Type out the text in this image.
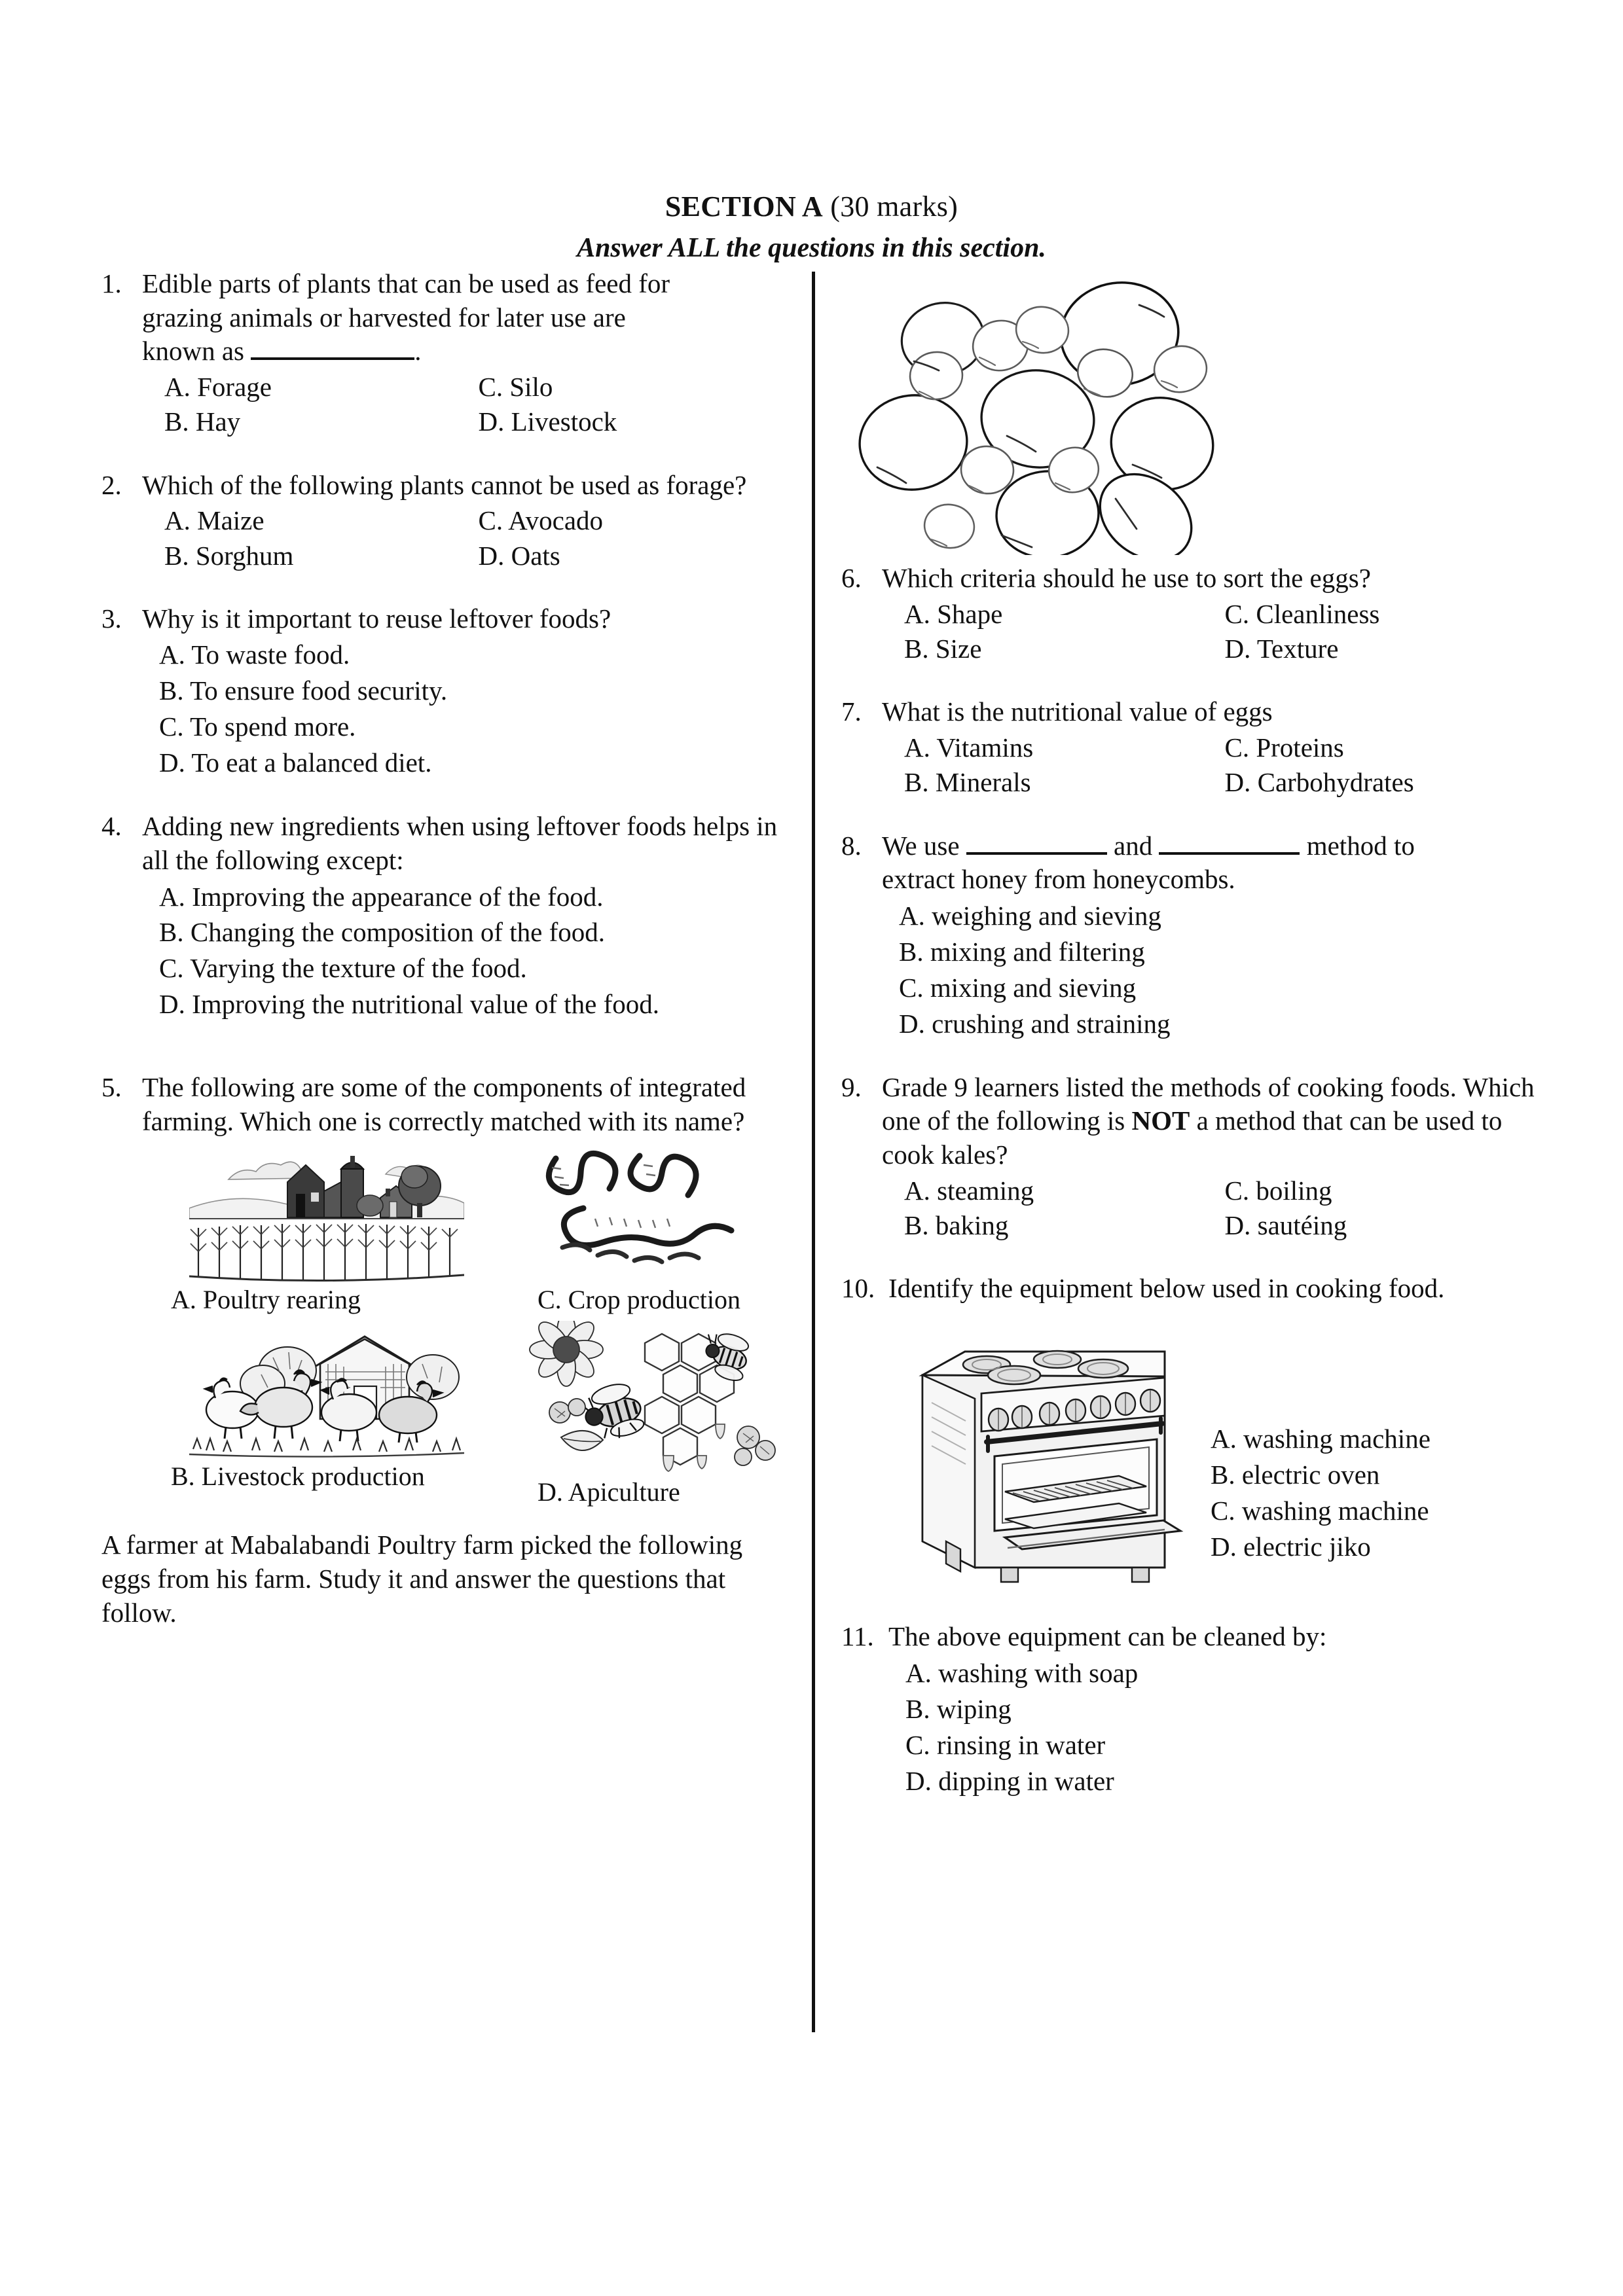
SECTION A (30 marks)
Answer ALL the questions in this section.
1. Edible parts of plants that can be used as feed for
grazing animals or harvested for later use are
known as	.
A. Forage	C. Silo
B. Hay	D. Livestock
2. Which of the following plants cannot be used as forage?
A. Maize	C. Avocado
B. Sorghum	D. Oats
3. Why is it important to reuse leftover foods?
A. To waste food.
B. To ensure food security.
C. To spend more.
D. To eat a balanced diet.
4. Adding new ingredients when using leftover foods helps in all the following except:
A. Improving the appearance of the food.
B. Changing the composition of the food.
C. Varying the texture of the food.
D. Improving the nutritional value of the food.
5. The following are some of the components of integrated farming. Which one is correctly matched with its name?
A. Poultry rearing	C. Crop production
B. Livestock production
D. Apiculture
A farmer at Mabalabandi Poultry farm picked the following eggs from his farm. Study it and answer the questions that follow.
6. Which criteria should he use to sort the eggs?
A. Shape	C. Cleanliness
B. Size	D. Texture
7. What is the nutritional value of eggs
A. Vitamins	C. Proteins
B. Minerals	D. Carbohydrates
8. We use	and	method to
extract honey from honeycombs.
A. weighing and sieving
B. mixing and filtering
C. mixing and sieving
D. crushing and straining
9. Grade 9 learners listed the methods of cooking foods. Which one of the following is NOT a method that can be used to cook kales?
A. steaming	C. boiling
B. baking	D. sautéing
10. Identify the equipment below used in cooking food.
A. washing machine
B. electric oven
C. washing machine
D. electric jiko
11. The above equipment can be cleaned by:
A. washing with soap
B. wiping
C. rinsing in water
D. dipping in water
